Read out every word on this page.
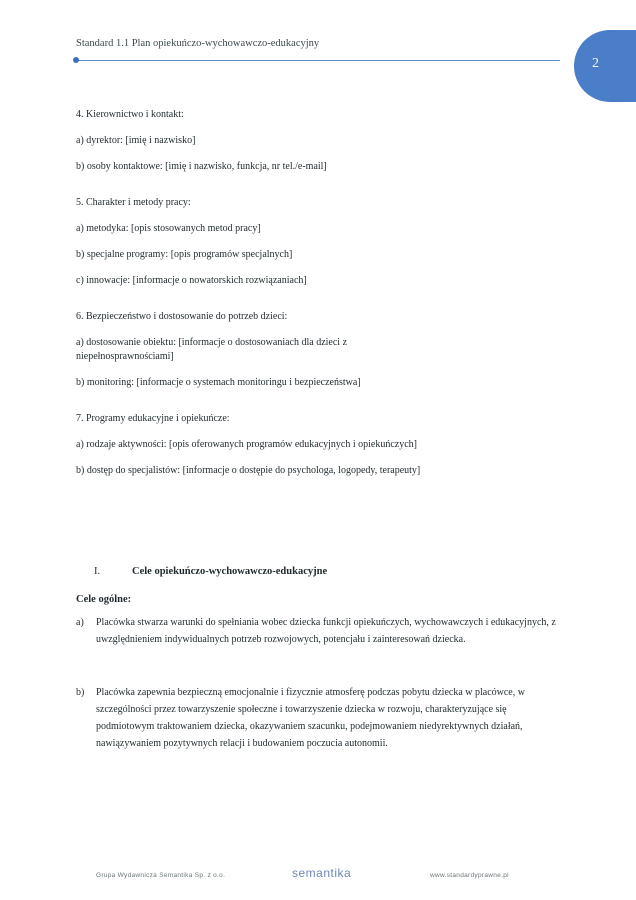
Standard 1.1 Plan opiekuńczo-wychowawczo-edukacyjny
2

4. Kierownictwo i kontakt:

a) dyrektor: [imię i nazwisko]

b) osoby kontaktowe: [imię i nazwisko, funkcja, nr tel./e-mail]

5. Charakter i metody pracy:

a) metodyka: [opis stosowanych metod pracy]

b) specjalne programy: [opis programów specjalnych]

c) innowacje: [informacje o nowatorskich rozwiązaniach]

6. Bezpieczeństwo i dostosowanie do potrzeb dzieci:

a) dostosowanie obiektu: [informacje o dostosowaniach dla dzieci z niepełnosprawnościami]

b) monitoring: [informacje o systemach monitoringu i bezpieczeństwa]

7. Programy edukacyjne i opiekuńcze:

a) rodzaje aktywności: [opis oferowanych programów edukacyjnych i opiekuńczych]

b) dostęp do specjalistów: [informacje o dostępie do psychologa, logopedy, terapeuty]

I.	Cele opiekuńczo-wychowawczo-edukacyjne
Cele ogólne:
a) Placówka stwarza warunki do spełniania wobec dziecka funkcji opiekuńczych, wychowawczych i edukacyjnych, z uwzględnieniem indywidualnych potrzeb rozwojowych, potencjału i zainteresowań dziecka.
b) Placówka zapewnia bezpieczną emocjonalnie i fizycznie atmosferę podczas pobytu dziecka w placówce, w szczególności przez towarzyszenie społeczne i towarzyszenie dziecka w rozwoju, charakteryzujące się podmiotowym traktowaniem dziecka, okazywaniem szacunku, podejmowaniem niedyrektywnych działań, nawiązywaniem pozytywnych relacji i budowaniem poczucia autonomii.
Grupa Wydawnicza Semantika Sp. z o.o.	semantika	www.standardyprawne.pl
